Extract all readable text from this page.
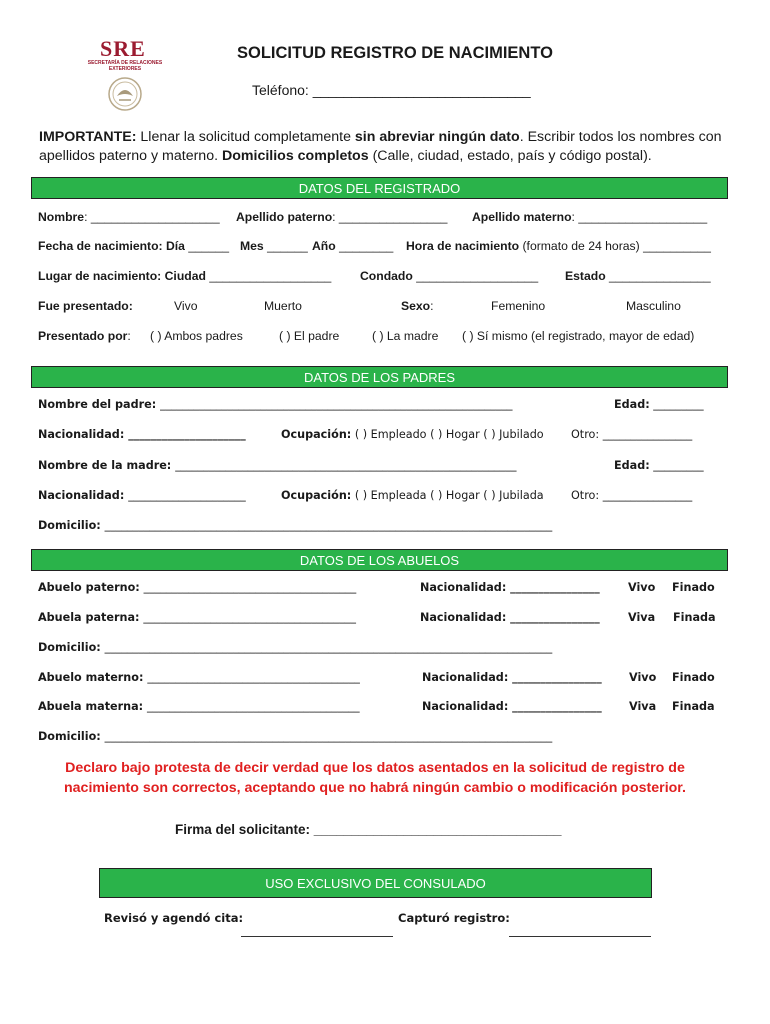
SRE
SECRETARÍA DE RELACIONES
EXTERIORES
SOLICITUD REGISTRO DE NACIMIENTO
Teléfono: ____________________________
IMPORTANTE: Llenar la solicitud completamente sin abreviar ningún dato. Escribir todos los nombres con
apellidos paterno y materno. Domicilios completos (Calle, ciudad, estado, país y código postal).
DATOS DEL REGISTRADO
Nombre: ___________________ Apellido paterno: ________________ Apellido materno: ___________________
Fecha de nacimiento: Día ______ Mes ______ Año ________ Hora de nacimiento (formato de 24 horas) __________
Lugar de nacimiento: Ciudad __________________ Condado __________________ Estado _______________
Fue presentado:	Vivo	Muerto	Sexo:	Femenino	Masculino
Presentado por: ( ) Ambos padres	( ) El padre	( ) La madre ( ) Sí mismo (el registrado, mayor de edad)
DATOS DE LOS PADRES
Nombre del padre: _______________________________________________________________	Edad: _________
Nacionalidad: _____________________	Ocupación: ( ) Empleado ( ) Hogar ( ) Jubilado Otro: ________________
Nombre de la madre: _____________________________________________________________	Edad: _________
Nacionalidad: _____________________	Ocupación: ( ) Empleada ( ) Hogar ( ) Jubilada Otro: ________________
Domicilio: ________________________________________________________________________________
DATOS DE LOS ABUELOS
Abuelo paterno: ______________________________________	Nacionalidad: ________________	Vivo Finado
Abuela paterna: ______________________________________	Nacionalidad: ________________	Viva Finada
Domicilio: ________________________________________________________________________________
Abuelo materno: ______________________________________	Nacionalidad: ________________ Vivo Finado
Abuela materna: ______________________________________	Nacionalidad: ________________ Viva Finada
Domicilio: ________________________________________________________________________________
Declaro bajo protesta de decir verdad que los datos asentados en la solicitud de registro de
nacimiento son correctos, aceptando que no habrá ningún cambio o modificación posterior.
Firma del solicitante: _________________________________
USO EXCLUSIVO DEL CONSULADO
Revisó y agendó cita:	Capturó registro:
